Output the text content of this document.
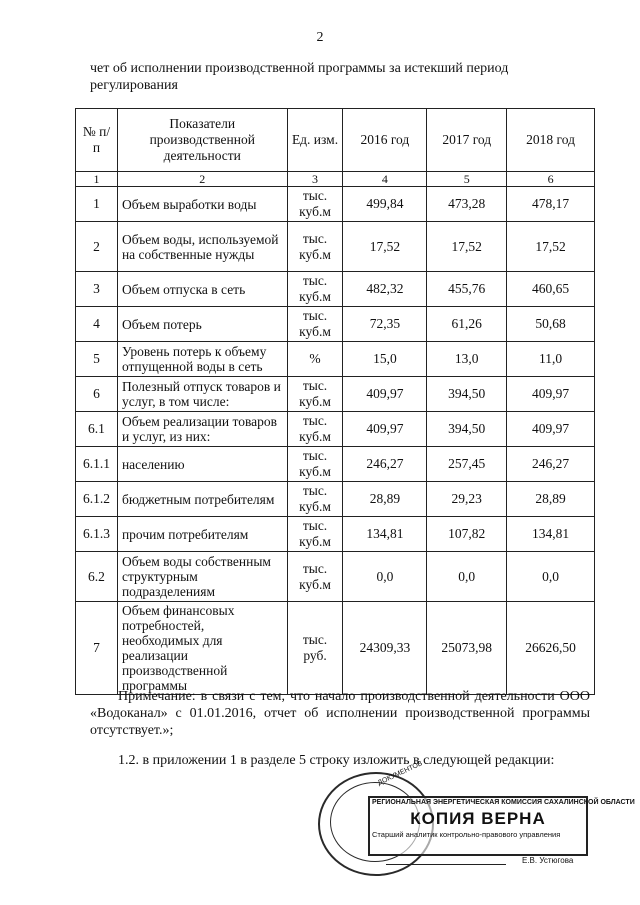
2
чет об исполнении производственной программы за истекший период регулирования
№ п/п	Показатели производственной деятельности	Ед. изм.	2016 год	2017 год	2018 год
1	2	3	4	5	6
1	Объем выработки воды	тыс. куб.м	499,84	473,28	478,17
2	Объем воды, используемой на собственные нужды	тыс. куб.м	17,52	17,52	17,52
3	Объем отпуска в сеть	тыс. куб.м	482,32	455,76	460,65
4	Объем потерь	тыс. куб.м	72,35	61,26	50,68
5	Уровень потерь к объему отпущенной воды в сеть	%	15,0	13,0	11,0
6	Полезный отпуск товаров и услуг, в том числе:	тыс. куб.м	409,97	394,50	409,97
6.1	Объем реализации товаров и услуг, из них:	тыс. куб.м	409,97	394,50	409,97
6.1.1	населению	тыс. куб.м	246,27	257,45	246,27
6.1.2	бюджетным потребителям	тыс. куб.м	28,89	29,23	28,89
6.1.3	прочим потребителям	тыс. куб.м	134,81	107,82	134,81
6.2	Объем воды собственным структурным подразделениям	тыс. куб.м	0,0	0,0	0,0
7	Объем финансовых потребностей, необходимых для реализации производственной программы	тыс. руб.	24309,33	25073,98	26626,50
Примечание: в связи с тем, что начало производственной деятельности ООО «Водоканал» с 01.01.2016, отчет об исполнении производственной программы отсутствует.»;
1.2. в приложении 1 в разделе 5 строку изложить в следующей редакции:
ДОКУМЕНТОВ
РЕГИОНАЛЬНАЯ ЭНЕРГЕТИЧЕСКАЯ КОМИССИЯ САХАЛИНСКОЙ ОБЛАСТИ
КОПИЯ ВЕРНА
Старший аналитик контрольно-правового управления
Е.В. Устюгова
